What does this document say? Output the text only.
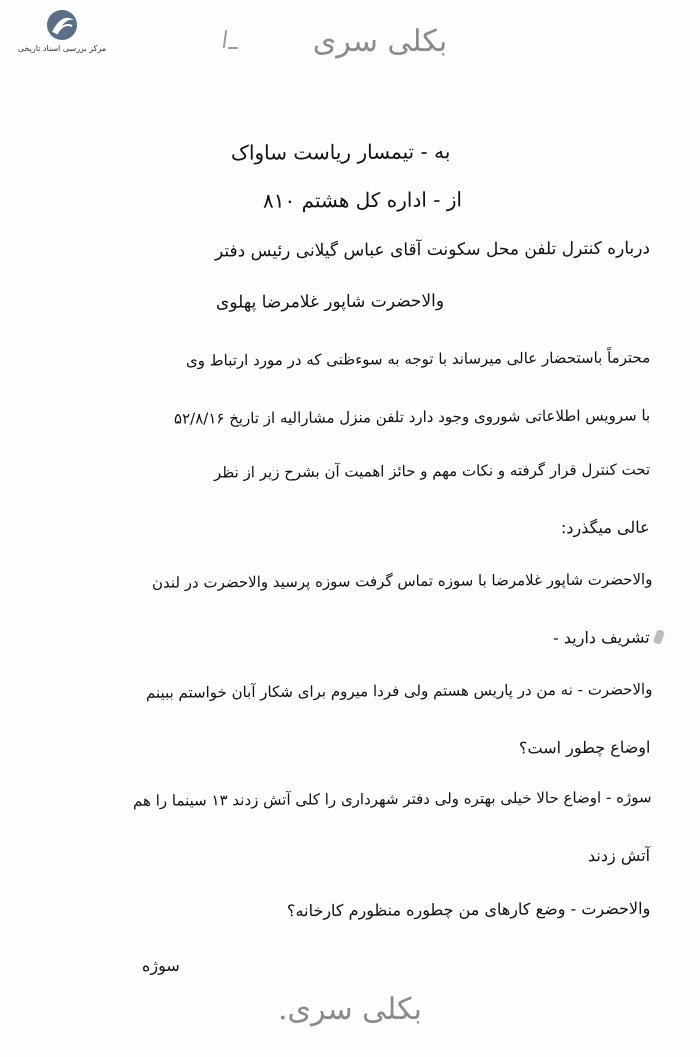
مرکز بررسی اسناد تاریخی	بکلی سری
به - تیمسار ریاست ساواک
از - اداره کل هشتم ۸۱۰
درباره کنترل تلفن محل سکونت آقای عباس گیلانی رئیس دفتر
والاحضرت شاپور غلامرضا پهلوی
محترماً باستحضار عالی میرساند با توجه به سوءظنی که در مورد ارتباط وی
با سرویس اطلاعاتی شوروی وجود دارد تلفن منزل مشارالیه از تاریخ ۵۲/۸/۱۶
تحت کنترل قرار گرفته و نکات مهم و حائز اهمیت آن بشرح زیر از نظر
عالی میگذرد:
والاحضرت شاپور غلامرضا با سوزه تماس گرفت سوزه پرسید والاحضرت در لندن
تشریف دارید -
والاحضرت - نه من در پاریس هستم ولی فردا میروم برای شکار آبان خواستم ببینم
اوضاع چطور است؟
سوژه - اوضاع حالا خیلی بهتره ولی دفتر شهرداری را کلی آتش زدند ۱۳ سینما را هم
آتش زدند
والاحضرت - وضع کارهای من چطوره منظورم کارخانه؟
سوژه
بکلی سری.
